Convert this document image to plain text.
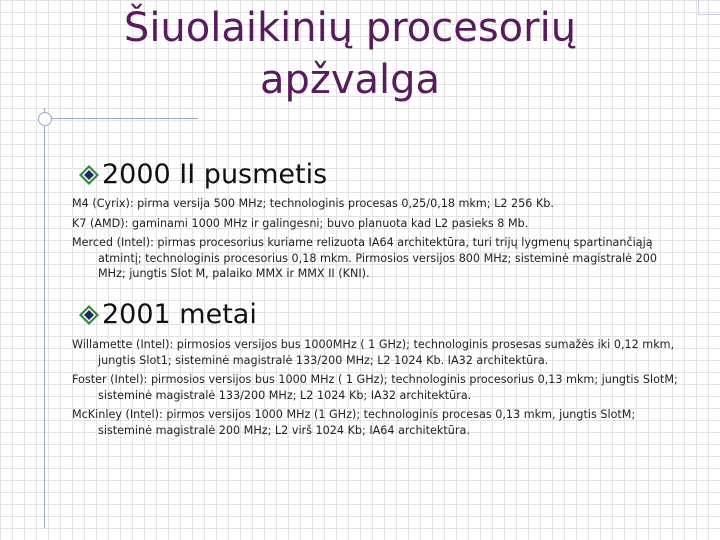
Šiuolaikinių procesorių
apžvalga
2000 II pusmetis
M4 (Cyrix): pirma versija 500 MHz; technologinis procesas 0,25/0,18 mkm; L2 256 Kb.
K7 (AMD): gaminami 1000 MHz ir galingesni; buvo planuota kad L2 pasieks 8 Mb.
Merced (Intel): pirmas procesorius kuriame relizuota IA64 architektūra, turi trijų lygmenų spartinančiąją atmintį; technologinis procesorius 0,18 mkm. Pirmosios versijos 800 MHz; sisteminė magistralė 200 MHz; jungtis Slot M, palaiko MMX ir MMX II (KNI).
2001 metai
Willamette (Intel): pirmosios versijos bus 1000MHz ( 1 GHz); technologinis prosesas sumažės iki 0,12 mkm, jungtis Slot1; sisteminė magistralė 133/200 MHz; L2 1024 Kb. IA32 architektūra.
Foster (Intel): pirmosios versijos bus 1000 MHz ( 1 GHz); technologinis procesorius 0,13 mkm; jungtis SlotM; sisteminė magistralė 133/200 MHz; L2 1024 Kb; IA32 architektūra.
McKinley (Intel): pirmos versijos 1000 MHz (1 GHz); technologinis procesas 0,13 mkm, jungtis SlotM; sisteminė magistralė 200 MHz; L2 virš 1024 Kb; IA64 architektūra.
